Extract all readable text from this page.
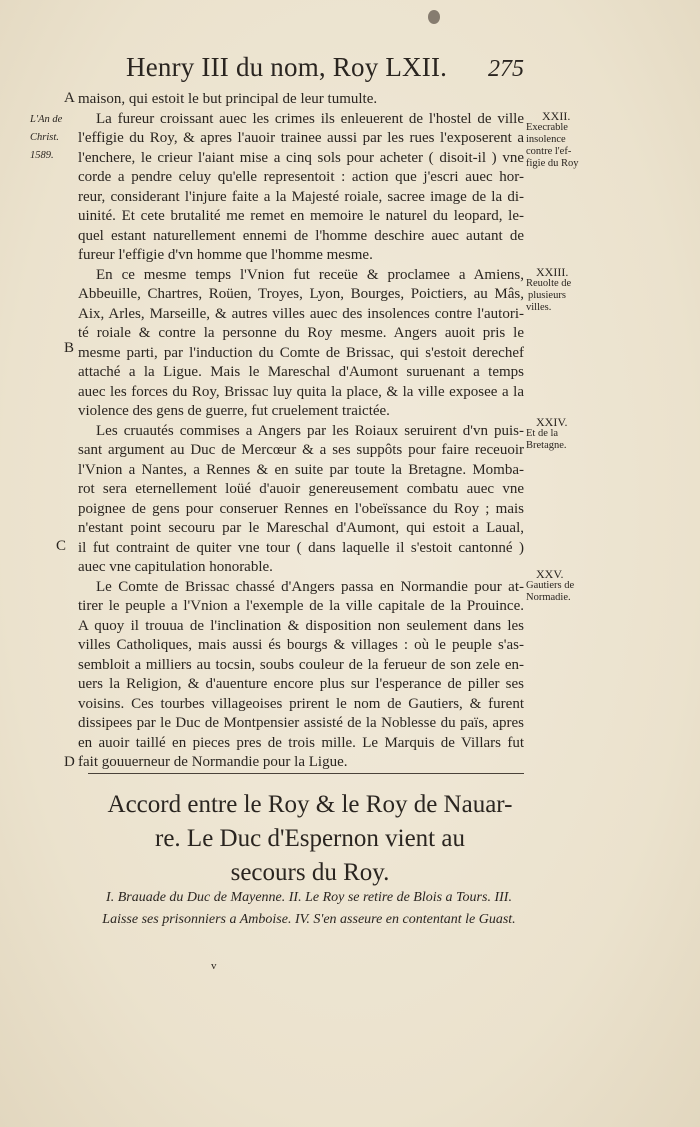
Henry III du nom, Roy LXII. 275
A
L'An de
Christ.
1589.
B
C
D
maison, qui estoit le but principal de leur tumulte.
La fureur croissant auec les crimes ils enleuerent de l'hostel de ville
l'effigie du Roy, & apres l'auoir trainee aussi par les rues l'exposerent a
l'enchere, le crieur l'aiant mise a cinq sols pour acheter ( disoit-il ) vne
corde a pendre celuy qu'elle representoit : action que j'escri auec hor-
reur, considerant l'injure faite a la Majesté roiale, sacree image de la di-
uinité. Et cete brutalité me remet en memoire le naturel du leopard, le-
quel estant naturellement ennemi de l'homme deschire auec autant de
fureur l'effigie d'vn homme que l'homme mesme.
En ce mesme temps l'Vnion fut receüe & proclamee a Amiens,
Abbeuille, Chartres, Roüen, Troyes, Lyon, Bourges, Poictiers, au Mâs,
Aix, Arles, Marseille, & autres villes auec des insolences contre l'autori-
té roiale & contre la personne du Roy mesme. Angers auoit pris le
mesme parti, par l'induction du Comte de Brissac, qui s'estoit derechef
attaché a la Ligue. Mais le Mareschal d'Aumont suruenant a temps
auec les forces du Roy, Brissac luy quita la place, & la ville exposee a la
violence des gens de guerre, fut cruelement traictée.
Les cruautés commises a Angers par les Roiaux seruirent d'vn puis-
sant argument au Duc de Mercœur & a ses suppôts pour faire receuoir
l'Vnion a Nantes, a Rennes & en suite par toute la Bretagne. Momba-
rot sera eternellement loüé d'auoir genereusement combatu auec vne
poignee de gens pour conseruer Rennes en l'obeïssance du Roy ; mais
n'estant point secouru par le Mareschal d'Aumont, qui estoit a Laual,
il fut contraint de quiter vne tour ( dans laquelle il s'estoit cantonné )
auec vne capitulation honorable.
Le Comte de Brissac chassé d'Angers passa en Normandie pour at-
tirer le peuple a l'Vnion a l'exemple de la ville capitale de la Prouince.
A quoy il trouua de l'inclination & disposition non seulement dans les
villes Catholiques, mais aussi és bourgs & villages : où le peuple s'as-
sembloit a milliers au tocsin, soubs couleur de la ferueur de son zele en-
uers la Religion, & d'auenture encore plus sur l'esperance de piller ses
voisins. Ces tourbes villageoises prirent le nom de Gautiers, & furent
dissipees par le Duc de Montpensier assisté de la Noblesse du païs, apres
en auoir taillé en pieces pres de trois mille. Le Marquis de Villars fut
fait gouuerneur de Normandie pour la Ligue.
XXII.
Execrable
insolence
contre l'ef-
figie du Roy
XXIII.
Reuolte de
plusieurs
villes.
XXIV.
Et de la
Bretagne.
XXV.
Gautiers de
Normadie.
Accord entre le Roy & le Roy de Nauar-
re. Le Duc d'Espernon vient au
secours du Roy.
I. Brauade du Duc de Mayenne. II. Le Roy se retire de Blois a Tours. III.
Laisse ses prisonniers a Amboise. IV. S'en asseure en contentant le Guast.
v
